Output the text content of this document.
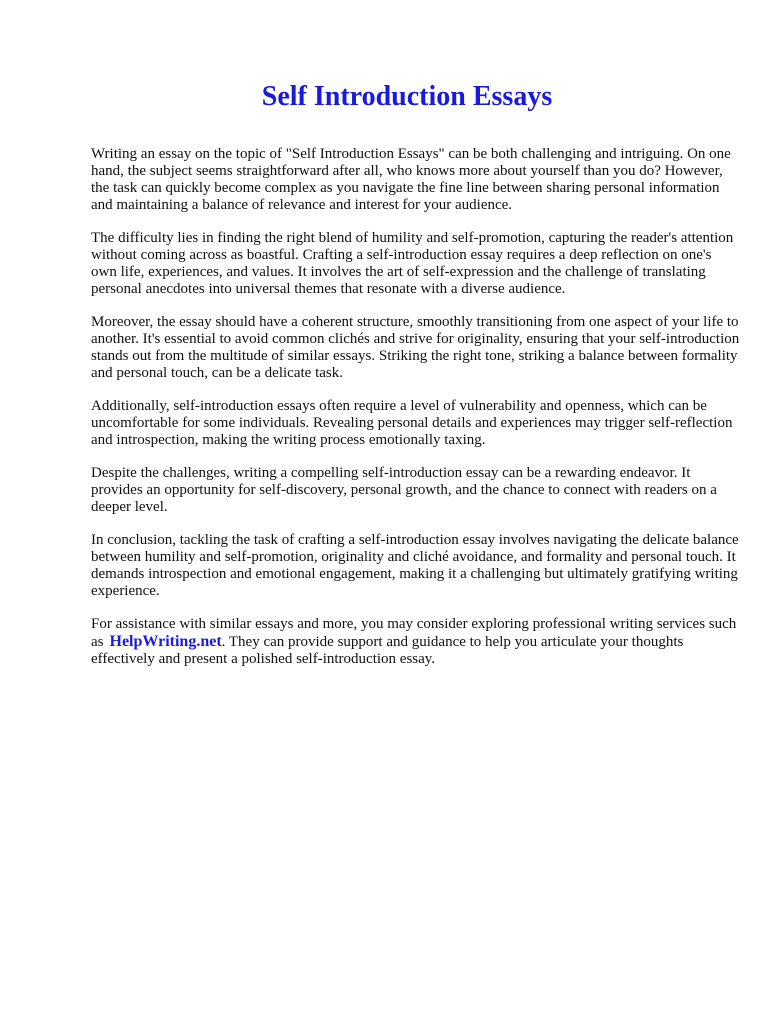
Self Introduction Essays

Writing an essay on the topic of "Self Introduction Essays" can be both challenging and intriguing. On one hand, the subject seems straightforward after all, who knows more about yourself than you do? However, the task can quickly become complex as you navigate the fine line between sharing personal information and maintaining a balance of relevance and interest for your audience.

The difficulty lies in finding the right blend of humility and self-promotion, capturing the reader's attention without coming across as boastful. Crafting a self-introduction essay requires a deep reflection on one's own life, experiences, and values. It involves the art of self-expression and the challenge of translating personal anecdotes into universal themes that resonate with a diverse audience.

Moreover, the essay should have a coherent structure, smoothly transitioning from one aspect of your life to another. It's essential to avoid common clichés and strive for originality, ensuring that your self-introduction stands out from the multitude of similar essays. Striking the right tone, striking a balance between formality and personal touch, can be a delicate task.

Additionally, self-introduction essays often require a level of vulnerability and openness, which can be uncomfortable for some individuals. Revealing personal details and experiences may trigger self-reflection and introspection, making the writing process emotionally taxing.

Despite the challenges, writing a compelling self-introduction essay can be a rewarding endeavor. It provides an opportunity for self-discovery, personal growth, and the chance to connect with readers on a deeper level.

In conclusion, tackling the task of crafting a self-introduction essay involves navigating the delicate balance between humility and self-promotion, originality and cliché avoidance, and formality and personal touch. It demands introspection and emotional engagement, making it a challenging but ultimately gratifying writing experience.

For assistance with similar essays and more, you may consider exploring professional writing services such as HelpWriting.net. They can provide support and guidance to help you articulate your thoughts effectively and present a polished self-introduction essay.
